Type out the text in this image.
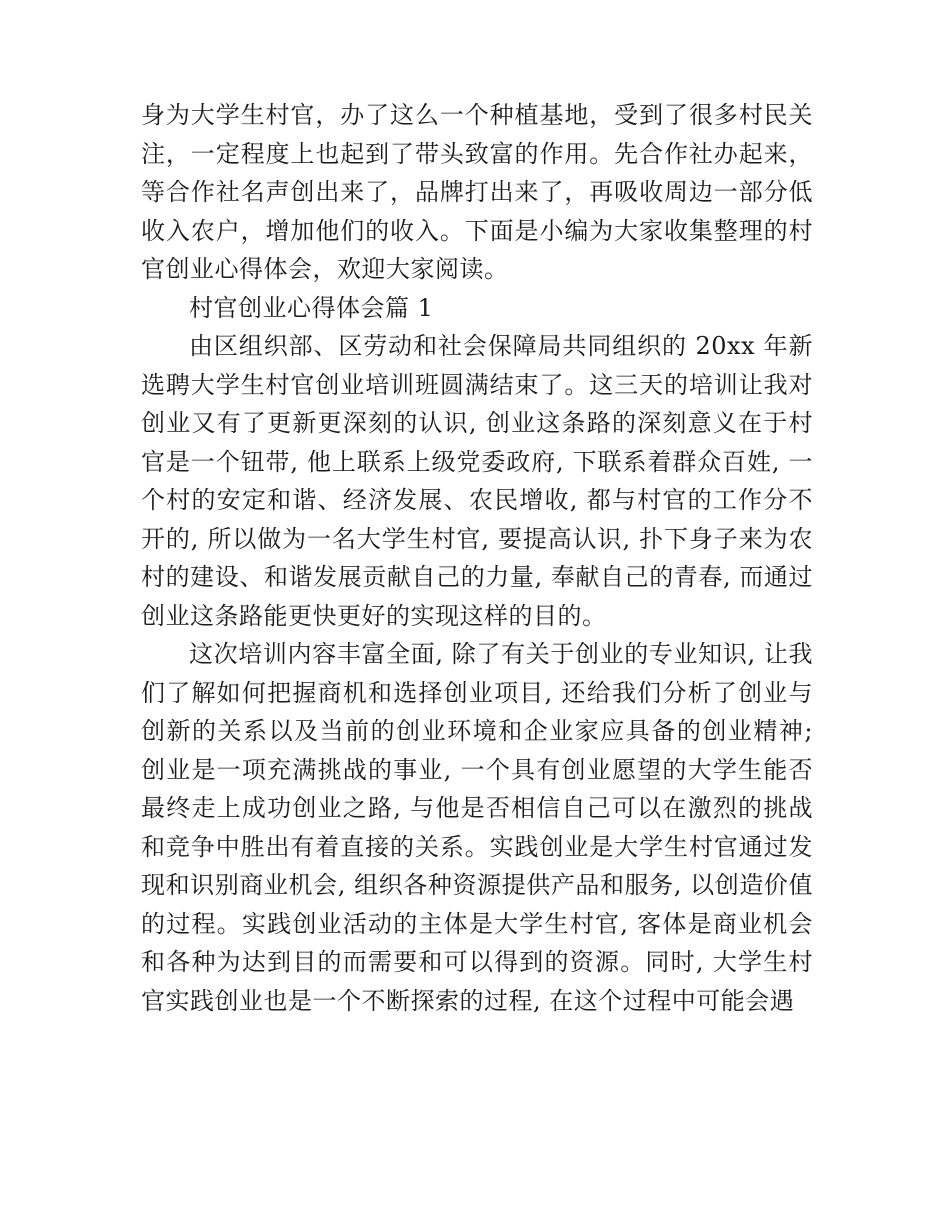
身为大学生村官，办了这么一个种植基地，受到了很多村民关注，一定程度上也起到了带头致富的作用。先合作社办起来，等合作社名声创出来了，品牌打出来了，再吸收周边一部分低收入农户，增加他们的收入。下面是小编为大家收集整理的村官创业心得体会，欢迎大家阅读。

村官创业心得体会篇 1

由区组织部、区劳动和社会保障局共同组织的 20xx 年新选聘大学生村官创业培训班圆满结束了。这三天的培训让我对创业又有了更新更深刻的认识, 创业这条路的深刻意义在于村官是一个钮带, 他上联系上级党委政府, 下联系着群众百姓, 一个村的安定和谐、经济发展、农民增收, 都与村官的工作分不开的, 所以做为一名大学生村官, 要提高认识, 扑下身子来为农村的建设、和谐发展贡献自己的力量, 奉献自己的青春, 而通过创业这条路能更快更好的实现这样的目的。

这次培训内容丰富全面, 除了有关于创业的专业知识, 让我们了解如何把握商机和选择创业项目, 还给我们分析了创业与创新的关系以及当前的创业环境和企业家应具备的创业精神; 创业是一项充满挑战的事业, 一个具有创业愿望的大学生能否最终走上成功创业之路, 与他是否相信自己可以在激烈的挑战和竞争中胜出有着直接的关系。实践创业是大学生村官通过发现和识别商业机会, 组织各种资源提供产品和服务, 以创造价值的过程。实践创业活动的主体是大学生村官, 客体是商业机会和各种为达到目的而需要和可以得到的资源。同时, 大学生村官实践创业也是一个不断探索的过程, 在这个过程中可能会遇
